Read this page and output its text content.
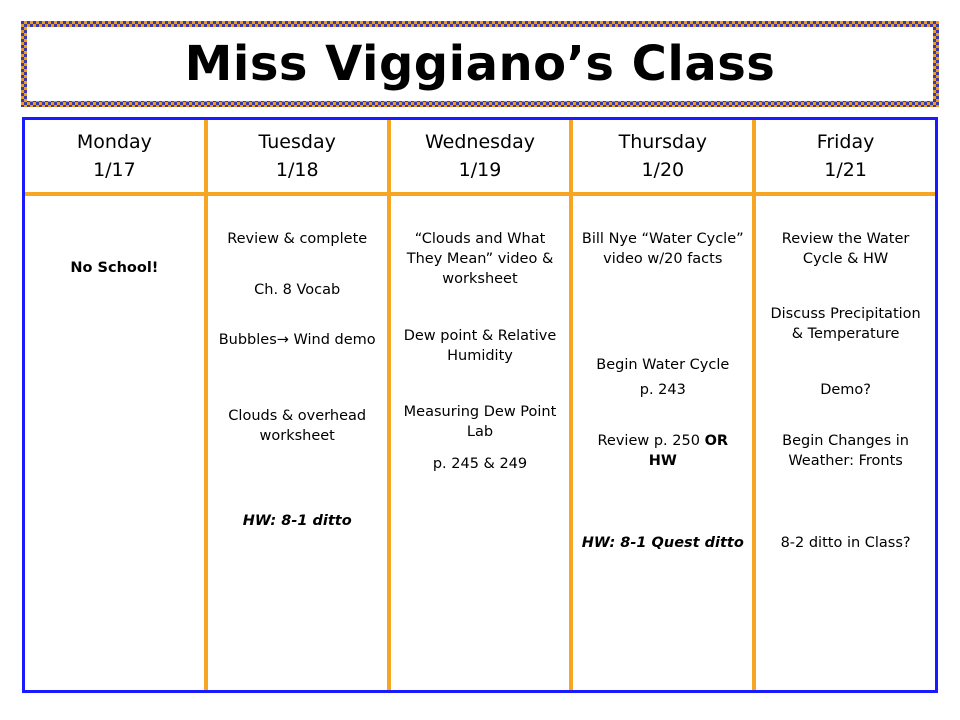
Miss Viggiano’s Class
Monday
1/17
No School!
Tuesday
1/18
Review & complete
Ch. 8 Vocab
Bubbles→ Wind demo
Clouds & overhead worksheet
HW: 8-1 ditto
Wednesday
1/19
“Clouds and What They Mean” video & worksheet
Dew point & Relative Humidity
Measuring Dew Point Lab
p. 245 & 249
Thursday
1/20
Bill Nye “Water Cycle” video w/20 facts
Begin Water Cycle
p. 243
Review p. 250 OR HW
HW: 8-1 Quest ditto
Friday
1/21
Review the Water Cycle & HW
Discuss Precipitation & Temperature
Demo?
Begin Changes in Weather: Fronts
8-2 ditto in Class?
